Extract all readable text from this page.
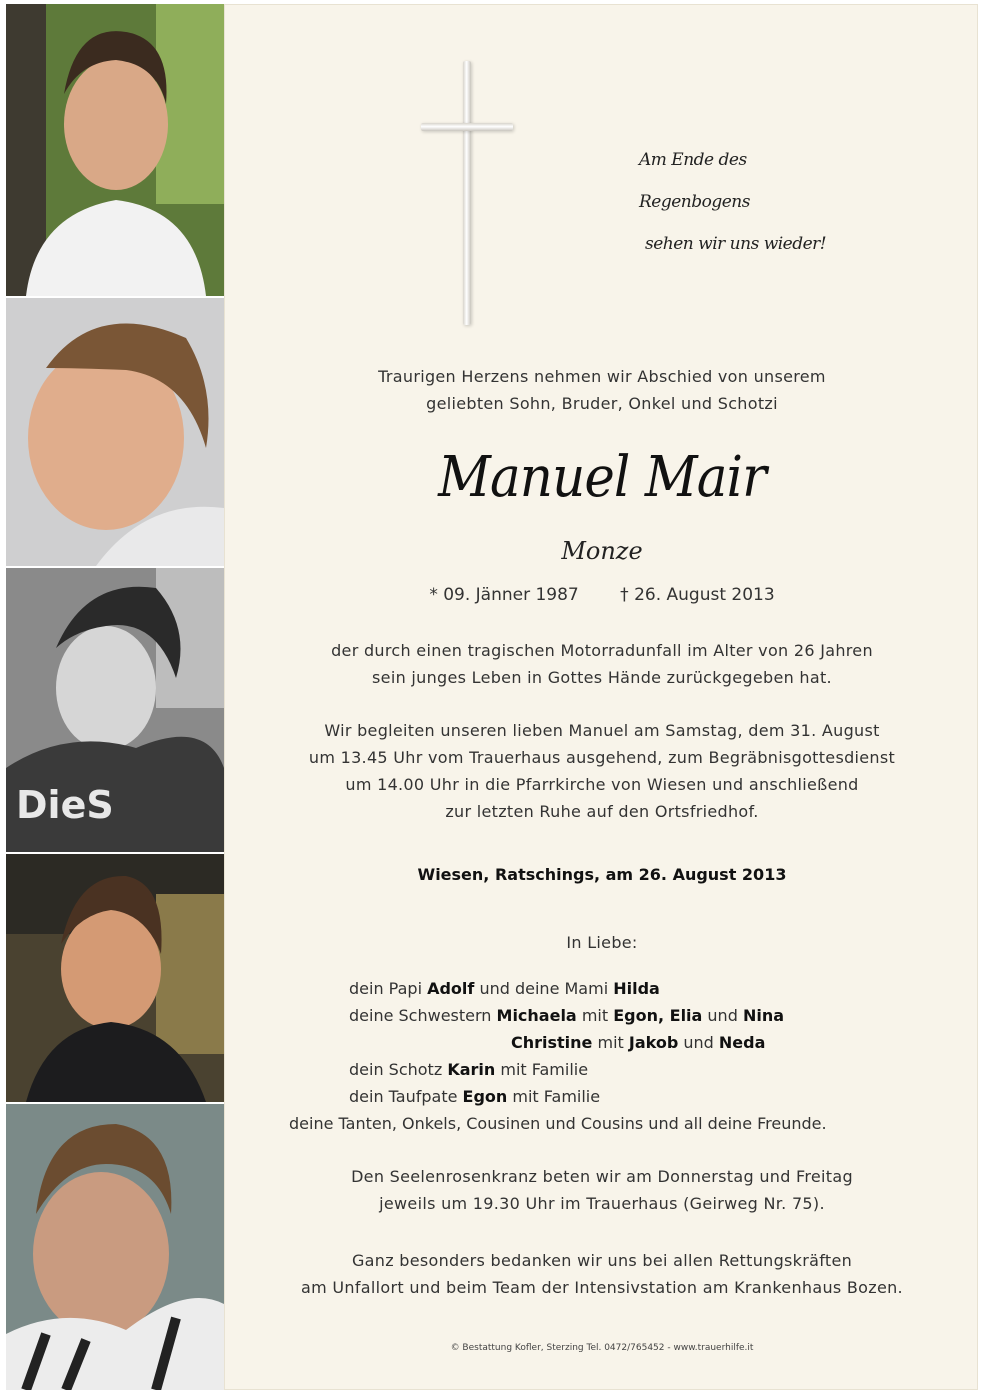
DieS
Am Ende des Regenbogens
sehen wir uns wieder!
Traurigen Herzens nehmen wir Abschied von unserem
geliebten Sohn, Bruder, Onkel und Schotzi
Manuel Mair
Monze
* 09. Jänner 1987 † 26. August 2013
der durch einen tragischen Motorradunfall im Alter von 26 Jahren
sein junges Leben in Gottes Hände zurückgegeben hat.
Wir begleiten unseren lieben Manuel am Samstag, dem 31. August
um 13.45 Uhr vom Trauerhaus ausgehend, zum Begräbnisgottesdienst
um 14.00 Uhr in die Pfarrkirche von Wiesen und anschließend
zur letzten Ruhe auf den Ortsfriedhof.
Wiesen, Ratschings, am 26. August 2013
In Liebe:
dein Papi Adolf und deine Mami Hilda
deine Schwestern Michaela mit Egon, Elia und Nina
Christine mit Jakob und Neda
dein Schotz Karin mit Familie
dein Taufpate Egon mit Familie
deine Tanten, Onkels, Cousinen und Cousins und all deine Freunde.
Den Seelenrosenkranz beten wir am Donnerstag und Freitag
jeweils um 19.30 Uhr im Trauerhaus (Geirweg Nr. 75).
Ganz besonders bedanken wir uns bei allen Rettungskräften
am Unfallort und beim Team der Intensivstation am Krankenhaus Bozen.
© Bestattung Kofler, Sterzing Tel. 0472/765452 - www.trauerhilfe.it
